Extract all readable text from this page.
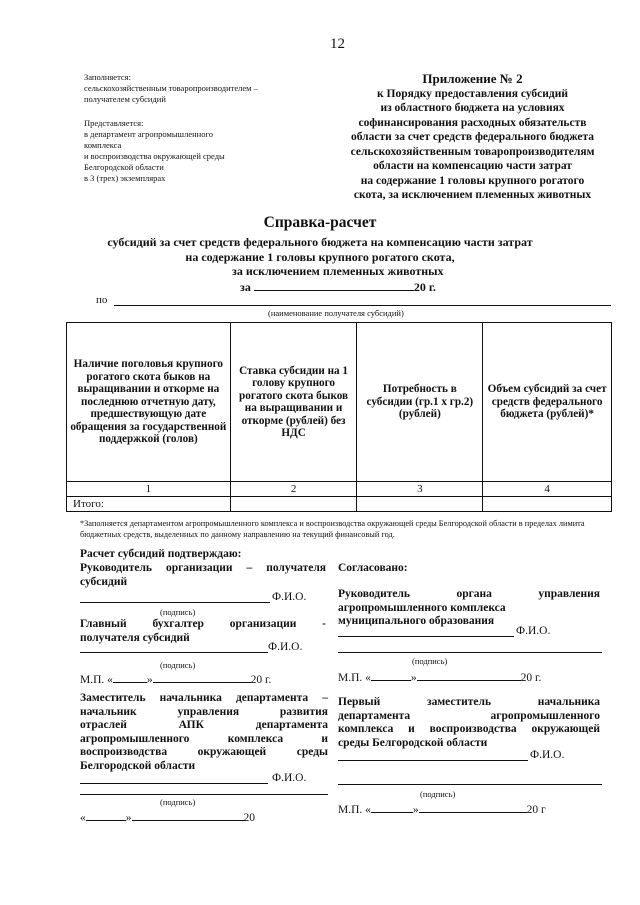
12
Заполняется:
сельскохозяйственным товаропроизводителем –
получателем субсидий
Представляется:
в департамент агропромышленного
комплекса
и воспроизводства окружающей среды
Белгородской области
в 3 (трех) экземплярах
Приложение № 2
к Порядку предоставления субсидий
из областного бюджета на условиях
софинансирования расходных обязательств
области за счет средств федерального бюджета
сельскохозяйственным товаропроизводителям
области на компенсацию части затрат
на содержание 1 головы крупного рогатого
скота, за исключением племенных животных
Справка-расчет
субсидий за счет средств федерального бюджета на компенсацию части затрат
на содержание 1 головы крупного рогатого скота,
за исключением племенных животных
за	20 г.
по
(наименование получателя субсидий)
Наличие поголовья крупного рогатого скота быков на выращивании и откорме на последнюю отчетную дату, предшествующую дате обращения за государственной поддержкой (голов)	Ставка субсидии на 1 голову крупного рогатого скота быков на выращивании и откорме (рублей) без НДС	Потребность в субсидии (гр.1 х гр.2) (рублей)	Объем субсидий за счет средств федерального бюджета (рублей)*
1	2	3	4
Итого:			
*Заполняется департаментом агропромышленного комплекса и воспроизводства окружающей среды Белгородской области в пределах лимита бюджетных средств, выделенных по данному направлению на текущий финансовый год.
Расчет субсидий подтверждаю:
Руководитель организации – получателя
субсидий
Ф.И.О.
(подпись)
Главный бухгалтер организации -
получателя субсидий
Ф.И.О.
(подпись)
М.П. «	»	20 г.
Заместитель начальника департамента –
начальник управления развития
отраслей АПК департамента
агропромышленного комплекса и
воспроизводства окружающей среды
Белгородской области
Ф.И.О.
(подпись)
«	»	20
Согласовано:
Руководитель органа управления
агропромышленного комплекса
муниципального образования
Ф.И.О.
(подпись)
М.П. «	»	20 г.
Первый заместитель начальника
департамента агропромышленного
комплекса и воспроизводства окружающей
среды Белгородской области
Ф.И.О.
(подпись)
М.П. «	»	20 г
